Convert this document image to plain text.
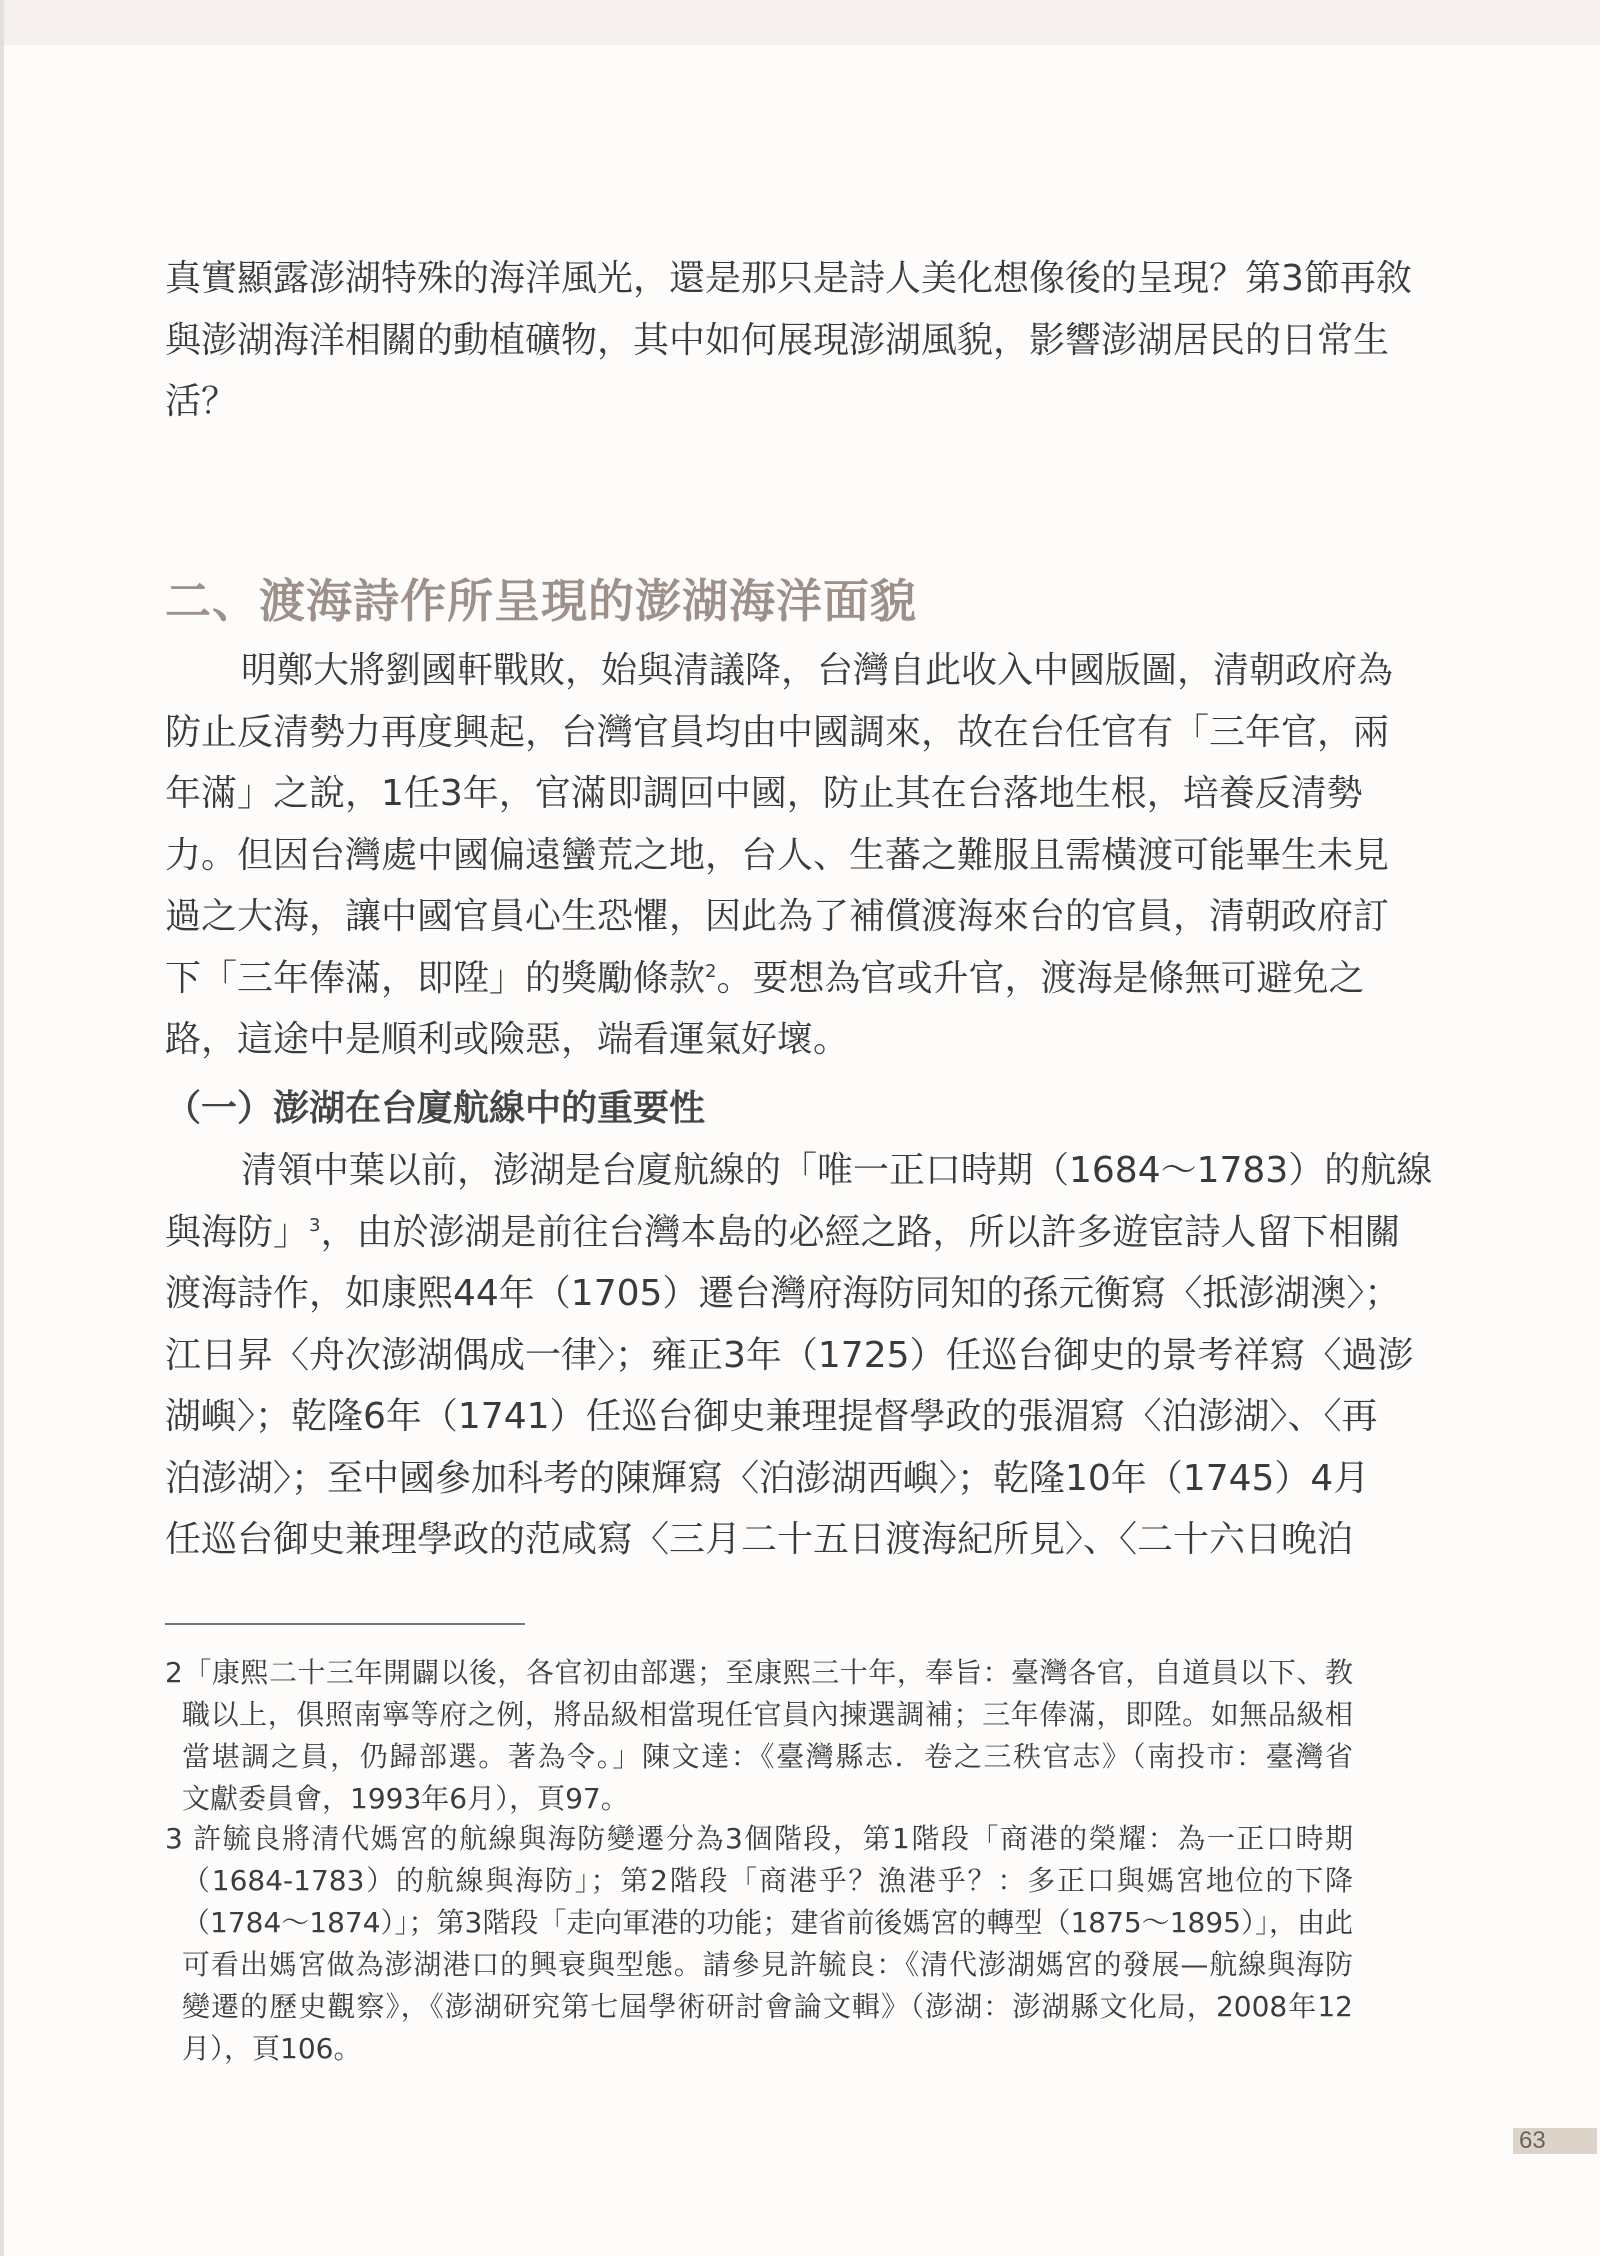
真實顯露澎湖特殊的海洋風光，還是那只是詩人美化想像後的呈現？第3節再敘
與澎湖海洋相關的動植礦物，其中如何展現澎湖風貌，影響澎湖居民的日常生
活？
二、渡海詩作所呈現的澎湖海洋面貌
明鄭大將劉國軒戰敗，始與清議降，台灣自此收入中國版圖，清朝政府為
防止反清勢力再度興起，台灣官員均由中國調來，故在台任官有「三年官，兩
年滿」之說，1任3年，官滿即調回中國，防止其在台落地生根，培養反清勢
力。但因台灣處中國偏遠蠻荒之地，台人、生蕃之難服且需橫渡可能畢生未見
過之大海，讓中國官員心生恐懼，因此為了補償渡海來台的官員，清朝政府訂
下「三年俸滿，即陞」的獎勵條款$^2$。要想為官或升官，渡海是條無可避免之
路，這途中是順利或險惡，端看運氣好壞。
（一）澎湖在台廈航線中的重要性
清領中葉以前，澎湖是台廈航線的「唯一正口時期（1684～1783）的航線
與海防」$^3$，由於澎湖是前往台灣本島的必經之路，所以許多遊宦詩人留下相關
渡海詩作，如康熙44年（1705）遷台灣府海防同知的孫元衡寫〈抵澎湖澳〉；
江日昇〈舟次澎湖偶成一律〉；雍正3年（1725）任巡台御史的景考祥寫〈過澎
湖嶼〉；乾隆6年（1741）任巡台御史兼理提督學政的張湄寫〈泊澎湖〉、〈再
泊澎湖〉；至中國參加科考的陳輝寫〈泊澎湖西嶼〉；乾隆10年（1745）4月
任巡台御史兼理學政的范咸寫〈三月二十五日渡海紀所見〉、〈二十六日晚泊
2「康熙二十三年開闢以後，各官初由部選；至康熙三十年，奉旨：臺灣各官，自道員以下、教
職以上，俱照南寧等府之例，將品級相當現任官員內揀選調補；三年俸滿，即陞。如無品級相
當堪調之員，仍歸部選。著為令。」陳文達：《臺灣縣志．卷之三秩官志》（南投市：臺灣省
文獻委員會，1993年6月），頁97。
3 許毓良將清代媽宮的航線與海防變遷分為3個階段，第1階段「商港的榮耀：為一正口時期
（1684-1783）的航線與海防」；第2階段「商港乎？漁港乎？：多正口與媽宮地位的下降
（1784～1874）」；第3階段「走向軍港的功能；建省前後媽宮的轉型（1875～1895）」，由此
可看出媽宮做為澎湖港口的興衰與型態。請參見許毓良：《清代澎湖媽宮的發展—航線與海防
變遷的歷史觀察》，《澎湖研究第七屆學術研討會論文輯》（澎湖：澎湖縣文化局，2008年12
月），頁106。
63
